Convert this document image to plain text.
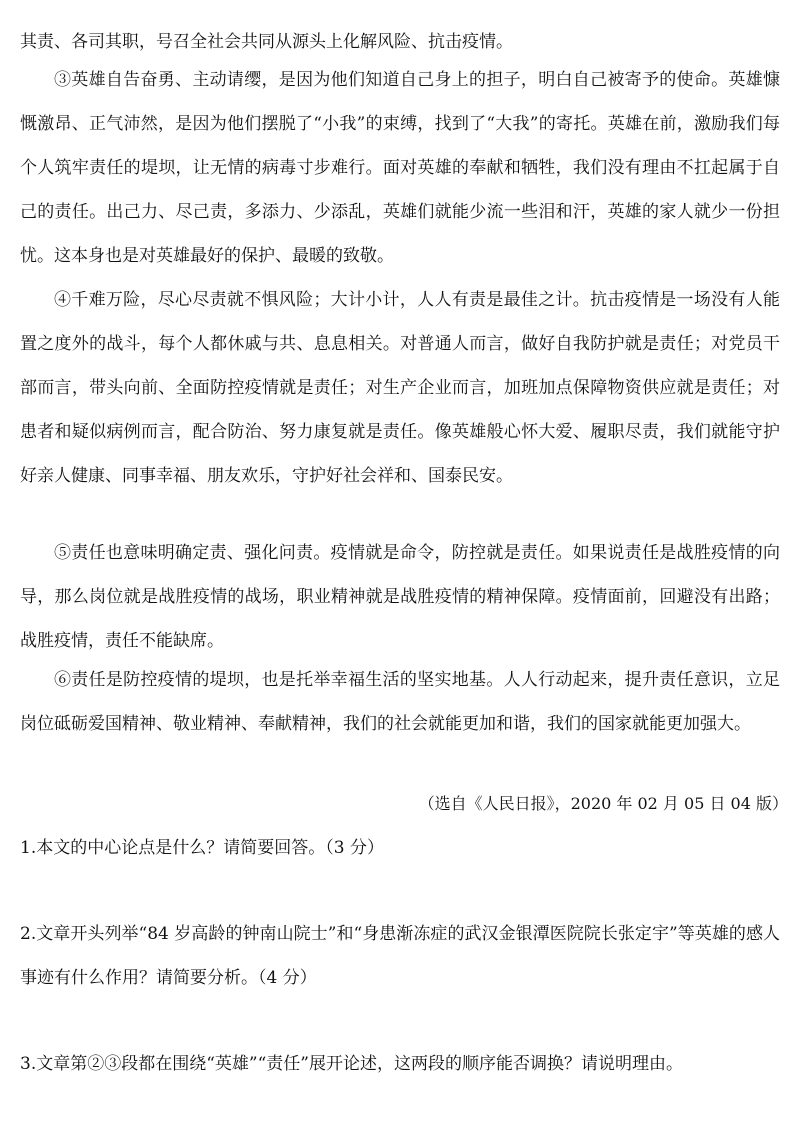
其责、各司其职，号召全社会共同从源头上化解风险、抗击疫情。

③英雄自告奋勇、主动请缨，是因为他们知道自己身上的担子，明白自己被寄予的使命。英雄慷慨激昂、正气沛然，是因为他们摆脱了“小我”的束缚，找到了“大我”的寄托。英雄在前，激励我们每个人筑牢责任的堤坝，让无情的病毒寸步难行。面对英雄的奉献和牺牲，我们没有理由不扛起属于自己的责任。出己力、尽己责，多添力、少添乱，英雄们就能少流一些泪和汗，英雄的家人就少一份担忧。这本身也是对英雄最好的保护、最暖的致敬。

④千难万险，尽心尽责就不惧风险；大计小计，人人有责是最佳之计。抗击疫情是一场没有人能置之度外的战斗，每个人都休戚与共、息息相关。对普通人而言，做好自我防护就是责任；对党员干部而言，带头向前、全面防控疫情就是责任；对生产企业而言，加班加点保障物资供应就是责任；对患者和疑似病例而言，配合防治、努力康复就是责任。像英雄般心怀大爱、履职尽责，我们就能守护好亲人健康、同事幸福、朋友欢乐，守护好社会祥和、国泰民安。

⑤责任也意味明确定责、强化问责。疫情就是命令，防控就是责任。如果说责任是战胜疫情的向导，那么岗位就是战胜疫情的战场，职业精神就是战胜疫情的精神保障。疫情面前，回避没有出路；战胜疫情，责任不能缺席。

⑥责任是防控疫情的堤坝，也是托举幸福生活的坚实地基。人人行动起来，提升责任意识，立足岗位砥砺爱国精神、敬业精神、奉献精神，我们的社会就能更加和谐，我们的国家就能更加强大。

（选自《人民日报》，2020 年 02 月 05 日 04 版）

1.本文的中心论点是什么？请简要回答。（3 分）

2.文章开头列举“84 岁高龄的钟南山院士”和“身患渐冻症的武汉金银潭医院院长张定宇”等英雄的感人事迹有什么作用？请简要分析。（4 分）

3.文章第②③段都在围绕“英雄”“责任”展开论述，这两段的顺序能否调换？请说明理由。
